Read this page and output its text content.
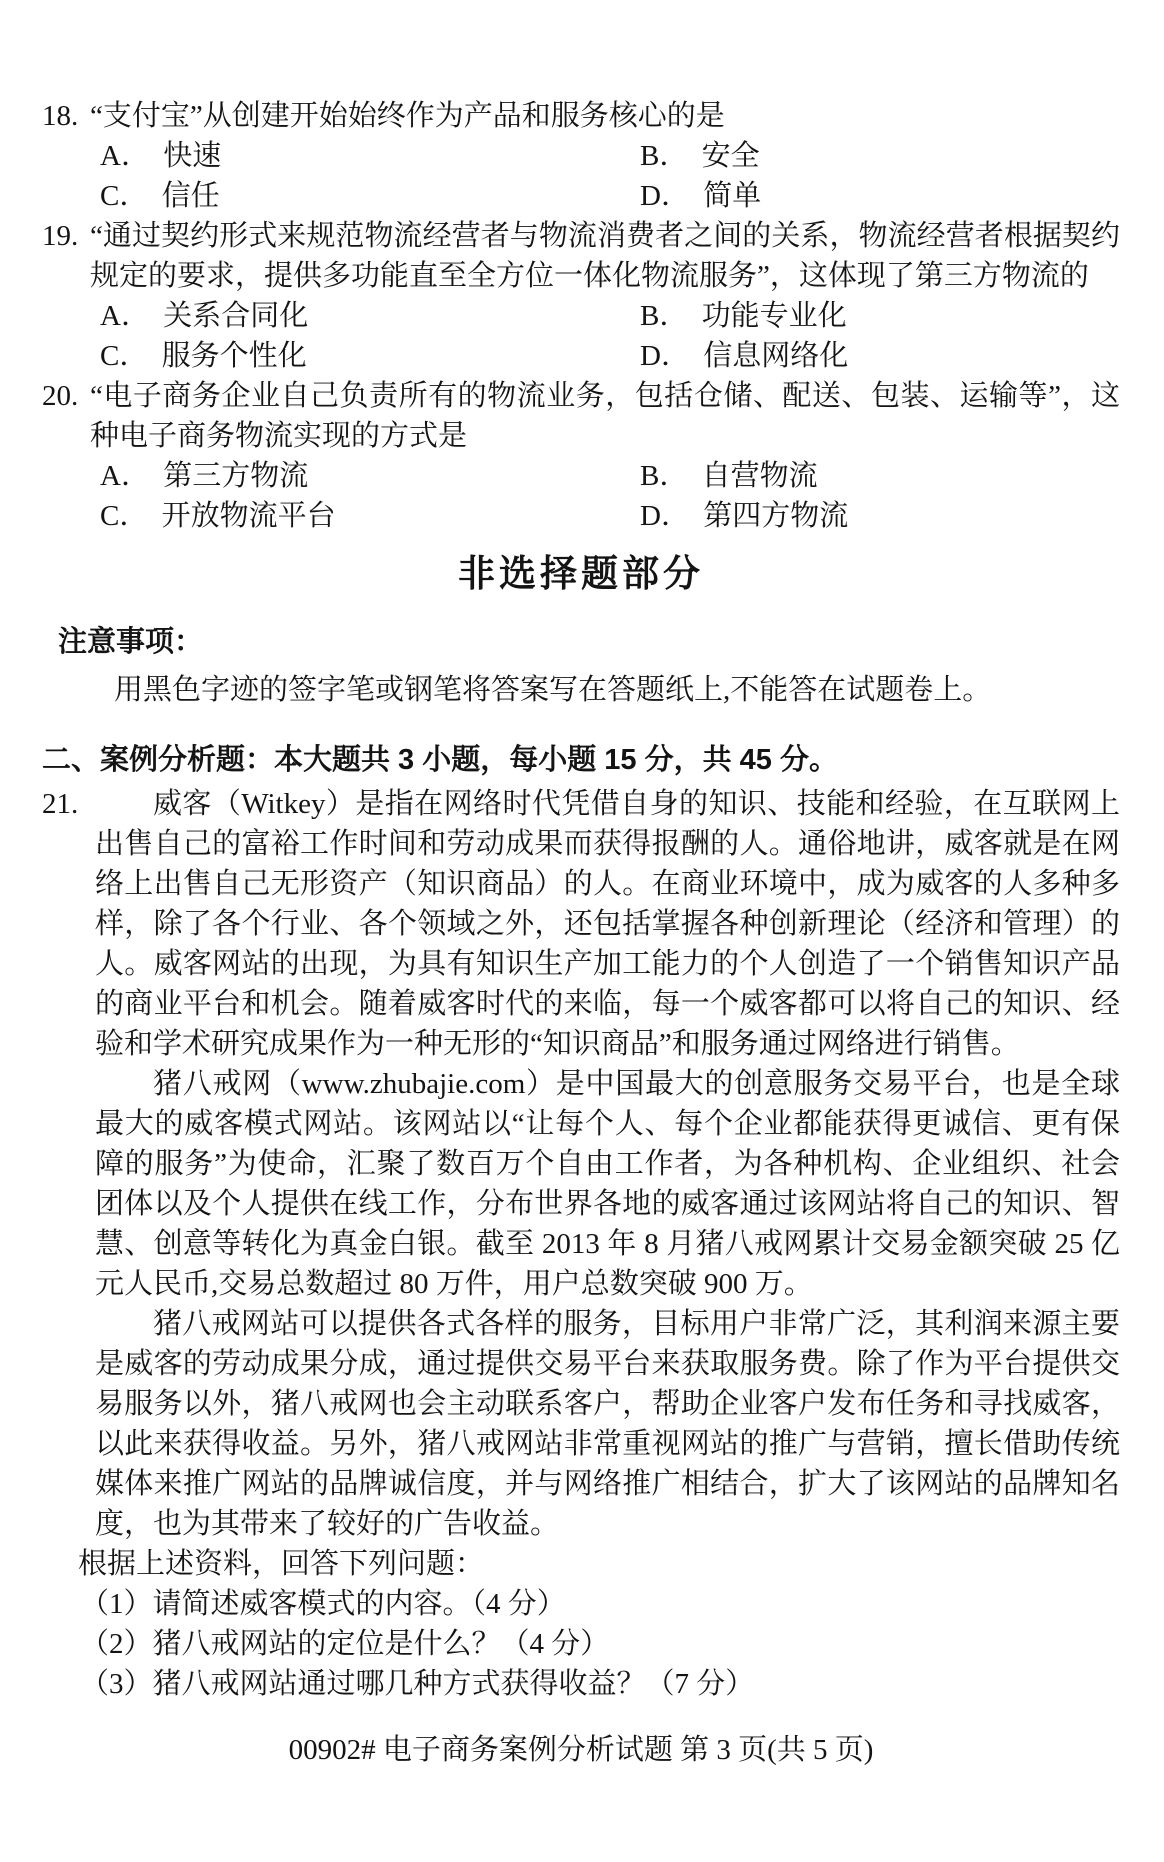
18. “支付宝”从创建开始始终作为产品和服务核心的是
A． 快速	B． 安全
C． 信任	D． 简单
19. “通过契约形式来规范物流经营者与物流消费者之间的关系，物流经营者根据契约规定的要求，提供多功能直至全方位一体化物流服务”，这体现了第三方物流的
A． 关系合同化	B． 功能专业化
C． 服务个性化	D． 信息网络化
20. “电子商务企业自己负责所有的物流业务，包括仓储、配送、包装、运输等”，这种电子商务物流实现的方式是
A． 第三方物流	B． 自营物流
C． 开放物流平台	D． 第四方物流
非选择题部分
注意事项：
用黑色字迹的签字笔或钢笔将答案写在答题纸上,不能答在试题卷上。
二、案例分析题：本大题共 3 小题，每小题 15 分，共 45 分。
21.	威客（Witkey）是指在网络时代凭借自身的知识、技能和经验，在互联网上出售自己的富裕工作时间和劳动成果而获得报酬的人。通俗地讲，威客就是在网络上出售自己无形资产（知识商品）的人。在商业环境中，成为威客的人多种多样，除了各个行业、各个领域之外，还包括掌握各种创新理论（经济和管理）的人。威客网站的出现，为具有知识生产加工能力的个人创造了一个销售知识产品的商业平台和机会。随着威客时代的来临，每一个威客都可以将自己的知识、经验和学术研究成果作为一种无形的“知识商品”和服务通过网络进行销售。

猪八戒网（www.zhubajie.com）是中国最大的创意服务交易平台，也是全球最大的威客模式网站。该网站以“让每个人、每个企业都能获得更诚信、更有保障的服务”为使命，汇聚了数百万个自由工作者，为各种机构、企业组织、社会团体以及个人提供在线工作，分布世界各地的威客通过该网站将自己的知识、智慧、创意等转化为真金白银。截至 2013 年 8 月猪八戒网累计交易金额突破 25 亿元人民币,交易总数超过 80 万件，用户总数突破 900 万。

猪八戒网站可以提供各式各样的服务，目标用户非常广泛，其利润来源主要是威客的劳动成果分成，通过提供交易平台来获取服务费。除了作为平台提供交易服务以外，猪八戒网也会主动联系客户，帮助企业客户发布任务和寻找威客，以此来获得收益。另外，猪八戒网站非常重视网站的推广与营销，擅长借助传统媒体来推广网站的品牌诚信度，并与网络推广相结合，扩大了该网站的品牌知名度，也为其带来了较好的广告收益。

根据上述资料，回答下列问题：
（1）请简述威客模式的内容。（4 分）
（2）猪八戒网站的定位是什么？（4 分）
（3）猪八戒网站通过哪几种方式获得收益？（7 分）
00902# 电子商务案例分析试题 第 3 页(共 5 页)
